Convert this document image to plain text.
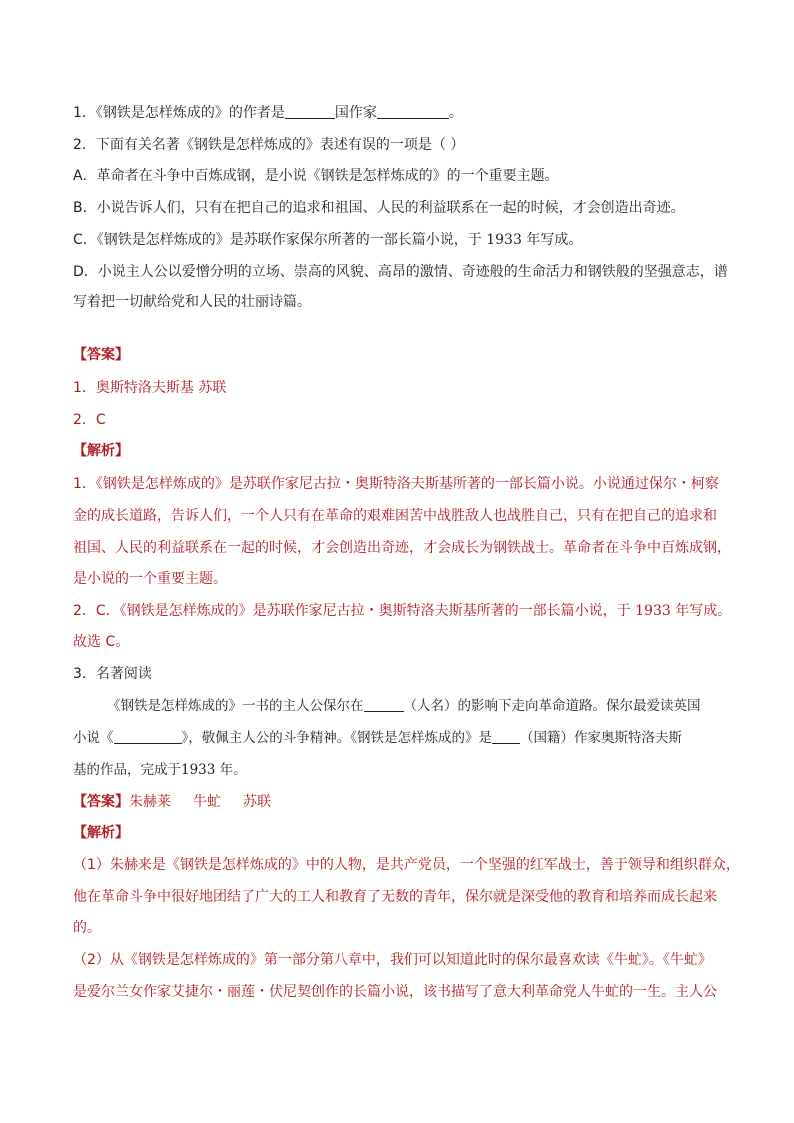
1．《钢铁是怎样炼成的》的作者是	国作家	。
2．下面有关名著《钢铁是怎样炼成的》表述有误的一项是（ ）
A．革命者在斗争中百炼成钢，是小说《钢铁是怎样炼成的》的一个重要主题。
B．小说告诉人们，只有在把自己的追求和祖国、人民的利益联系在一起的时候，才会创造出奇迹。
C．《钢铁是怎样炼成的》是苏联作家保尔所著的一部长篇小说，于 1933 年写成。
D．小说主人公以爱憎分明的立场、崇高的风貌、高昂的激情、奇迹般的生命活力和钢铁般的坚强意志，谱
写着把一切献给党和人民的壮丽诗篇。
【答案】
1．奥斯特洛夫斯基 苏联
2．C
【解析】
1．《钢铁是怎样炼成的》是苏联作家尼古拉・奥斯特洛夫斯基所著的一部长篇小说。小说通过保尔・柯察
金的成长道路，告诉人们，一个人只有在革命的艰难困苦中战胜敌人也战胜自己，只有在把自己的追求和
祖国、人民的利益联系在一起的时候，才会创造出奇迹，才会成长为钢铁战士。革命者在斗争中百炼成钢，
是小说的一个重要主题。
2．C．《钢铁是怎样炼成的》是苏联作家尼古拉・奥斯特洛夫斯基所著的一部长篇小说，于 1933 年写成。
故选 C。
3．名著阅读
《钢铁是怎样炼成的》一书的主人公保尔在	（人名）的影响下走向革命道路。保尔最爱读英国
小说《	》，敬佩主人公的斗争精神。《钢铁是怎样炼成的》是 （国籍）作家奥斯特洛夫斯
基的作品，完成于1933 年。
【答案】朱赫莱 牛虻 苏联
【解析】
（1）朱赫来是《钢铁是怎样炼成的》中的人物，是共产党员，一个坚强的红军战士，善于领导和组织群众，
他在革命斗争中很好地团结了广大的工人和教育了无数的青年，保尔就是深受他的教育和培养而成长起来
的。
（2）从《钢铁是怎样炼成的》第一部分第八章中，我们可以知道此时的保尔最喜欢读《牛虻》。《牛虻》
是爱尔兰女作家艾捷尔・丽莲・伏尼契创作的长篇小说，该书描写了意大利革命党人牛虻的一生。主人公
